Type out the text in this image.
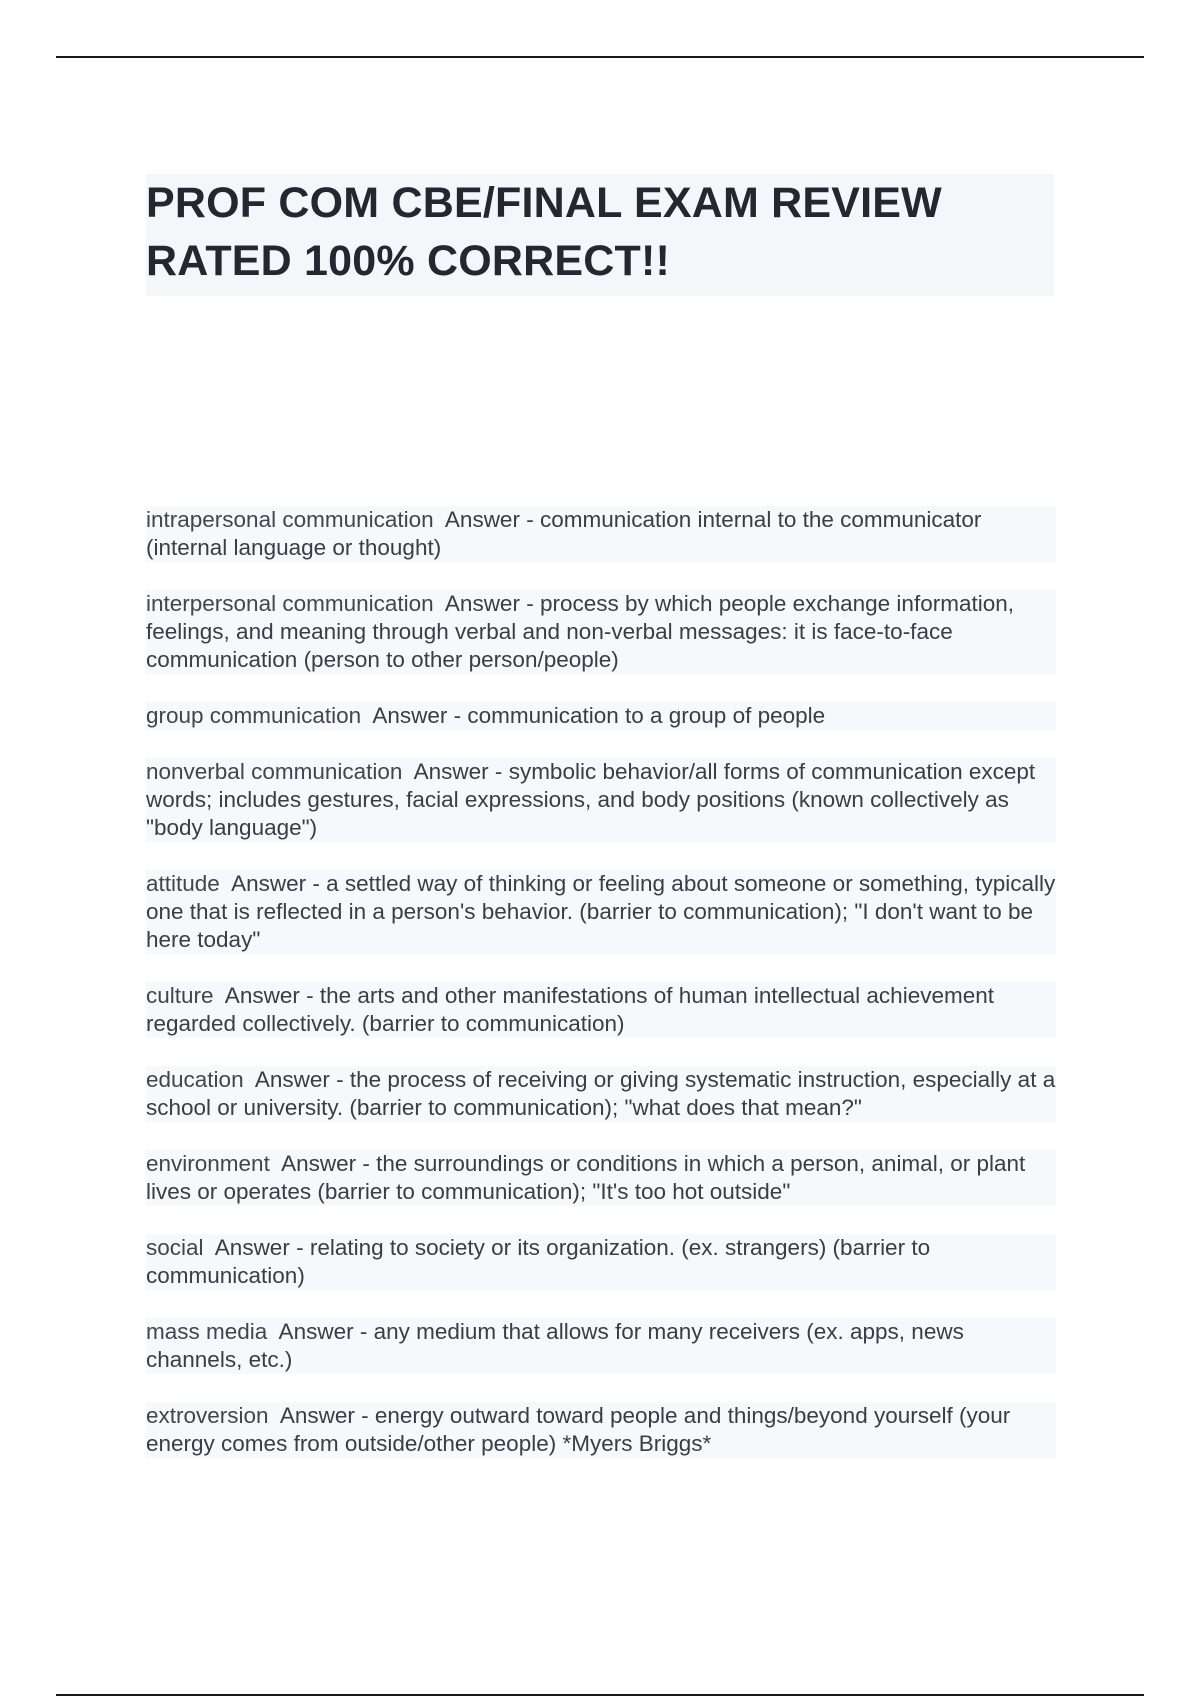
PROF COM CBE/FINAL EXAM REVIEW
RATED 100% CORRECT!!
intrapersonal communication  Answer - communication internal to the communicator (internal language or thought)
interpersonal communication  Answer - process by which people exchange information, feelings, and meaning through verbal and non-verbal messages: it is face-to-face communication (person to other person/people)
group communication  Answer - communication to a group of people
nonverbal communication  Answer - symbolic behavior/all forms of communication except words; includes gestures, facial expressions, and body positions (known collectively as "body language")
attitude  Answer - a settled way of thinking or feeling about someone or something, typically one that is reflected in a person's behavior. (barrier to communication); "I don't want to be here today"
culture  Answer - the arts and other manifestations of human intellectual achievement regarded collectively. (barrier to communication)
education  Answer - the process of receiving or giving systematic instruction, especially at a school or university. (barrier to communication); "what does that mean?"
environment  Answer - the surroundings or conditions in which a person, animal, or plant lives or operates (barrier to communication); "It's too hot outside"
social  Answer - relating to society or its organization. (ex. strangers) (barrier to communication)
mass media  Answer - any medium that allows for many receivers (ex. apps, news channels, etc.)
extroversion  Answer - energy outward toward people and things/beyond yourself (your energy comes from outside/other people) *Myers Briggs*
